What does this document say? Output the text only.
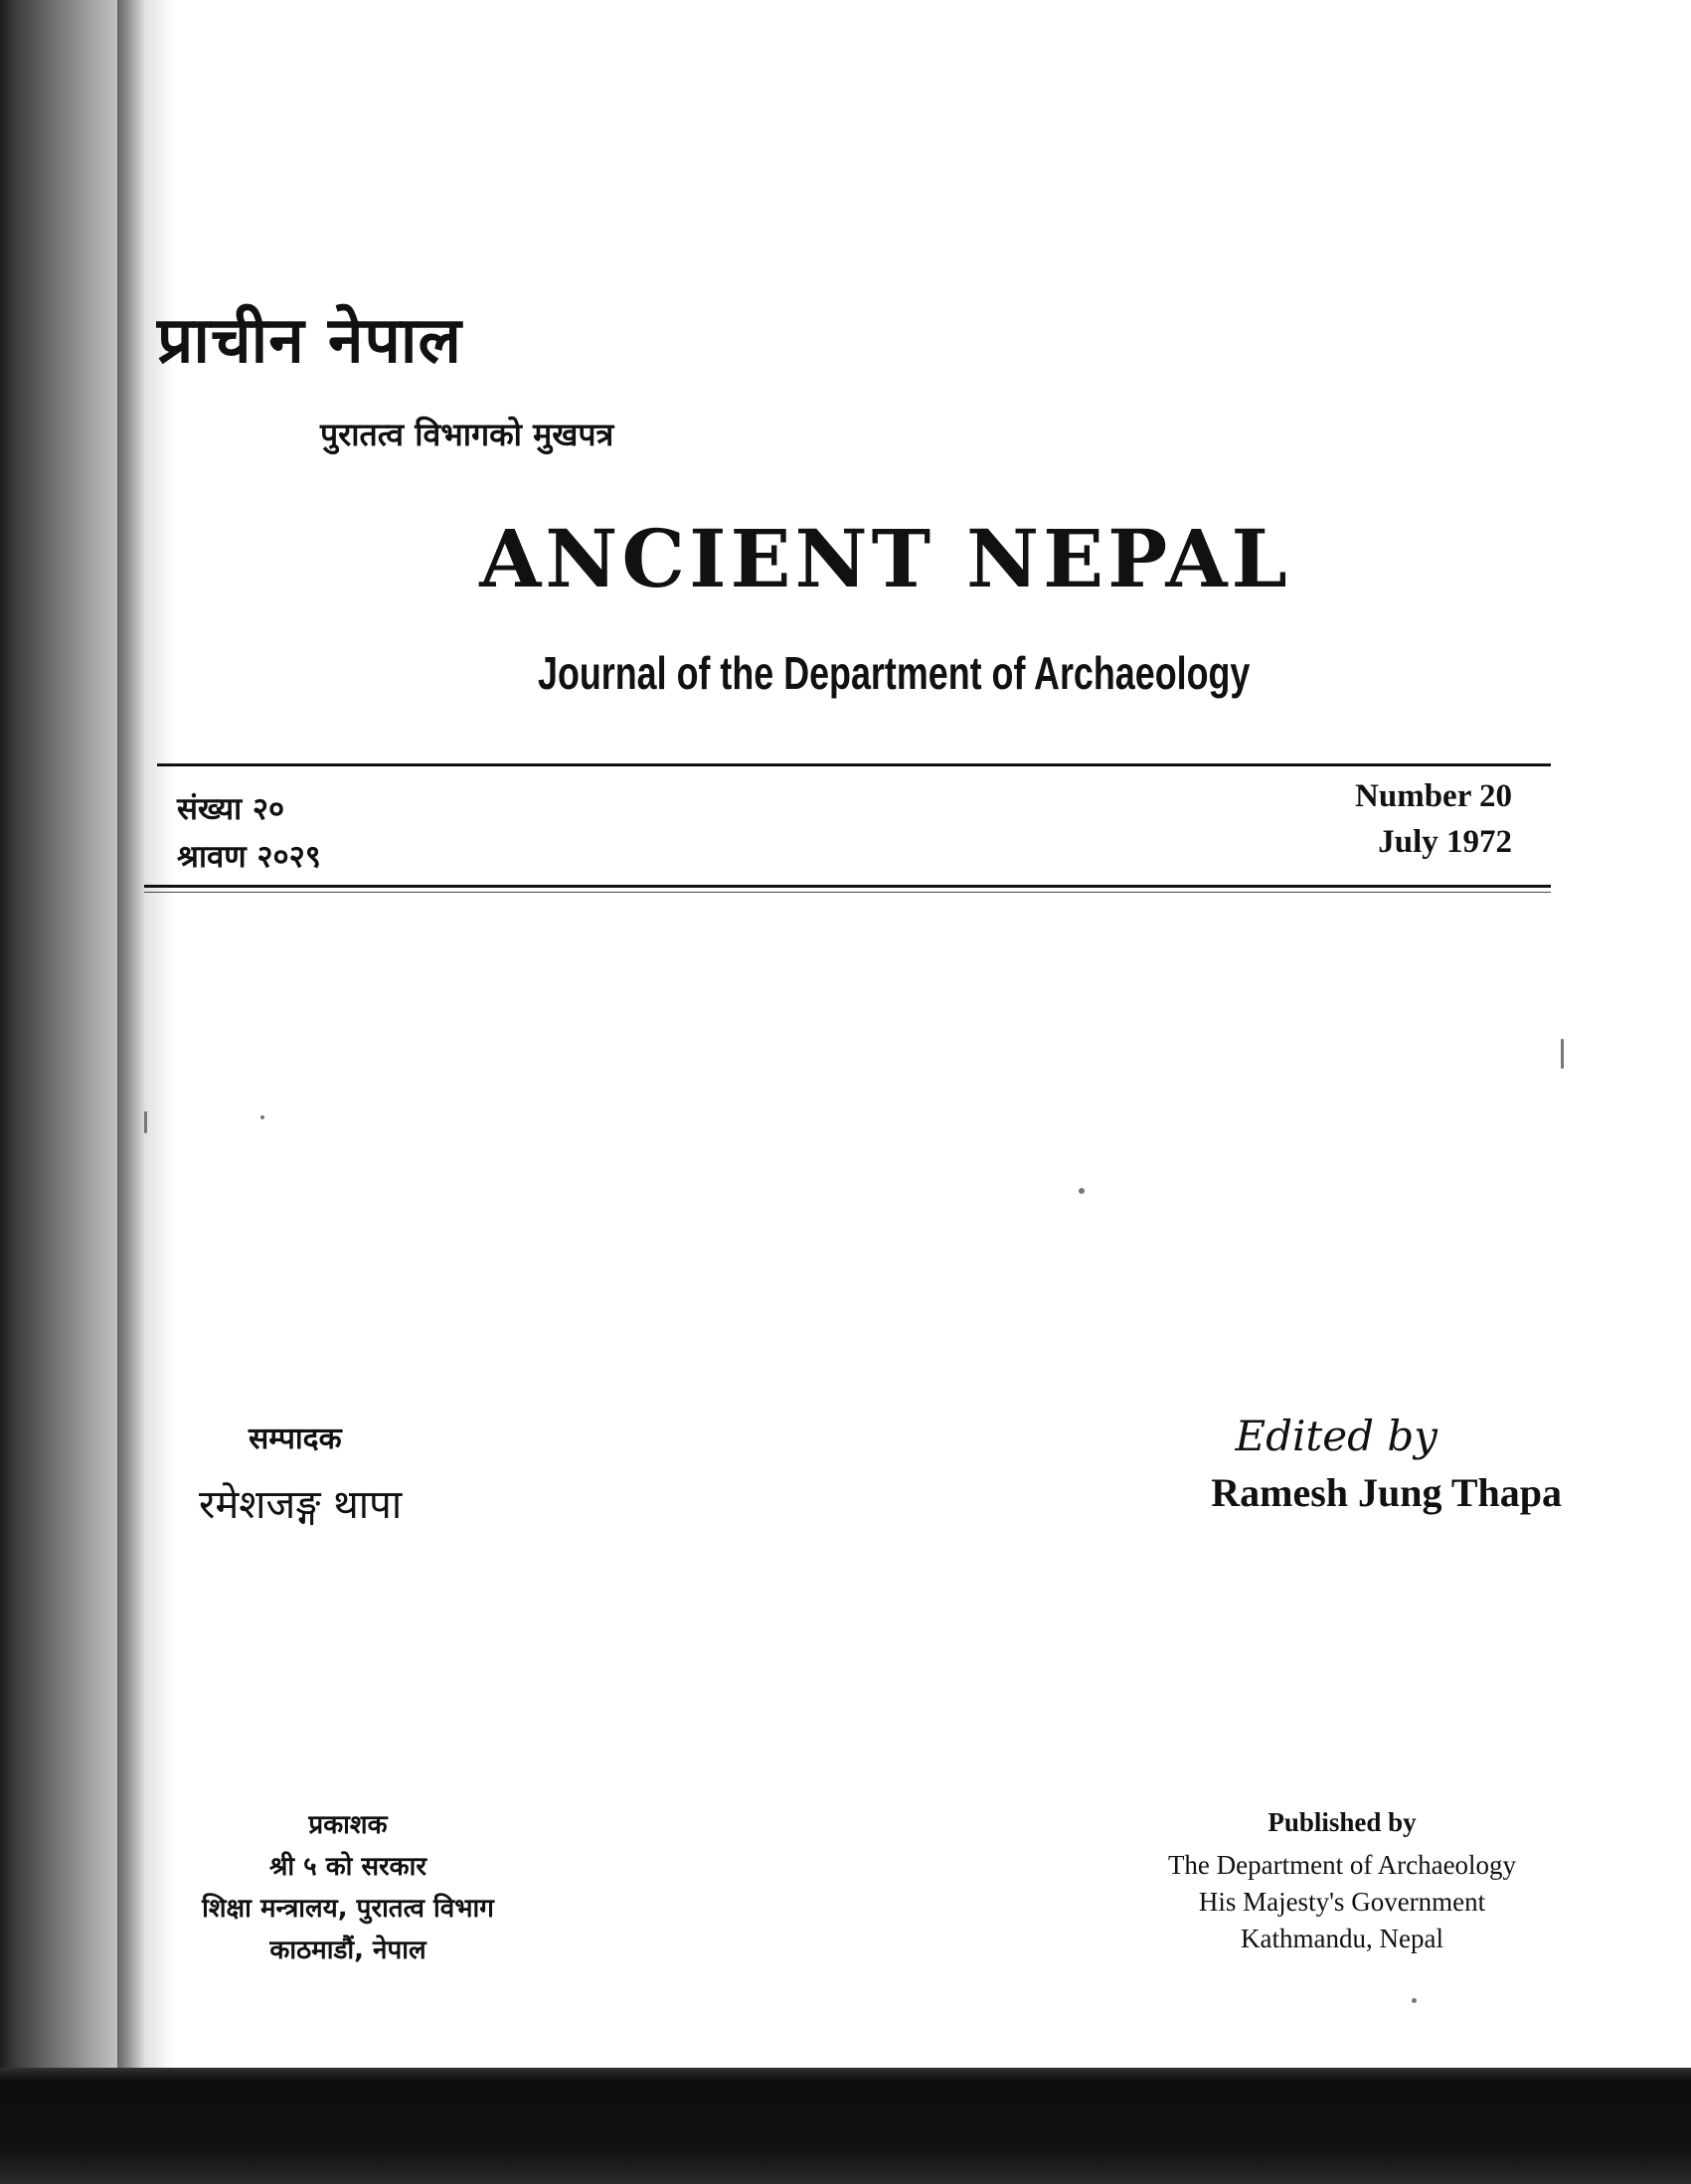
प्राचीन नेपाल

पुरातत्व विभागको मुखपत्र

ANCIENT NEPAL
Journal of the Department of Archaeology
संख्या २०
श्रावण २०२९
Number 20
July 1972

सम्पादक

रमेशजङ्ग थापा

Edited by

Ramesh Jung Thapa

प्रकाशक
श्री ५ को सरकार
शिक्षा मन्त्रालय, पुरातत्व विभाग
काठमाडौं, नेपाल
Published by
The Department of Archaeology
His Majesty's Government
Kathmandu, Nepal
